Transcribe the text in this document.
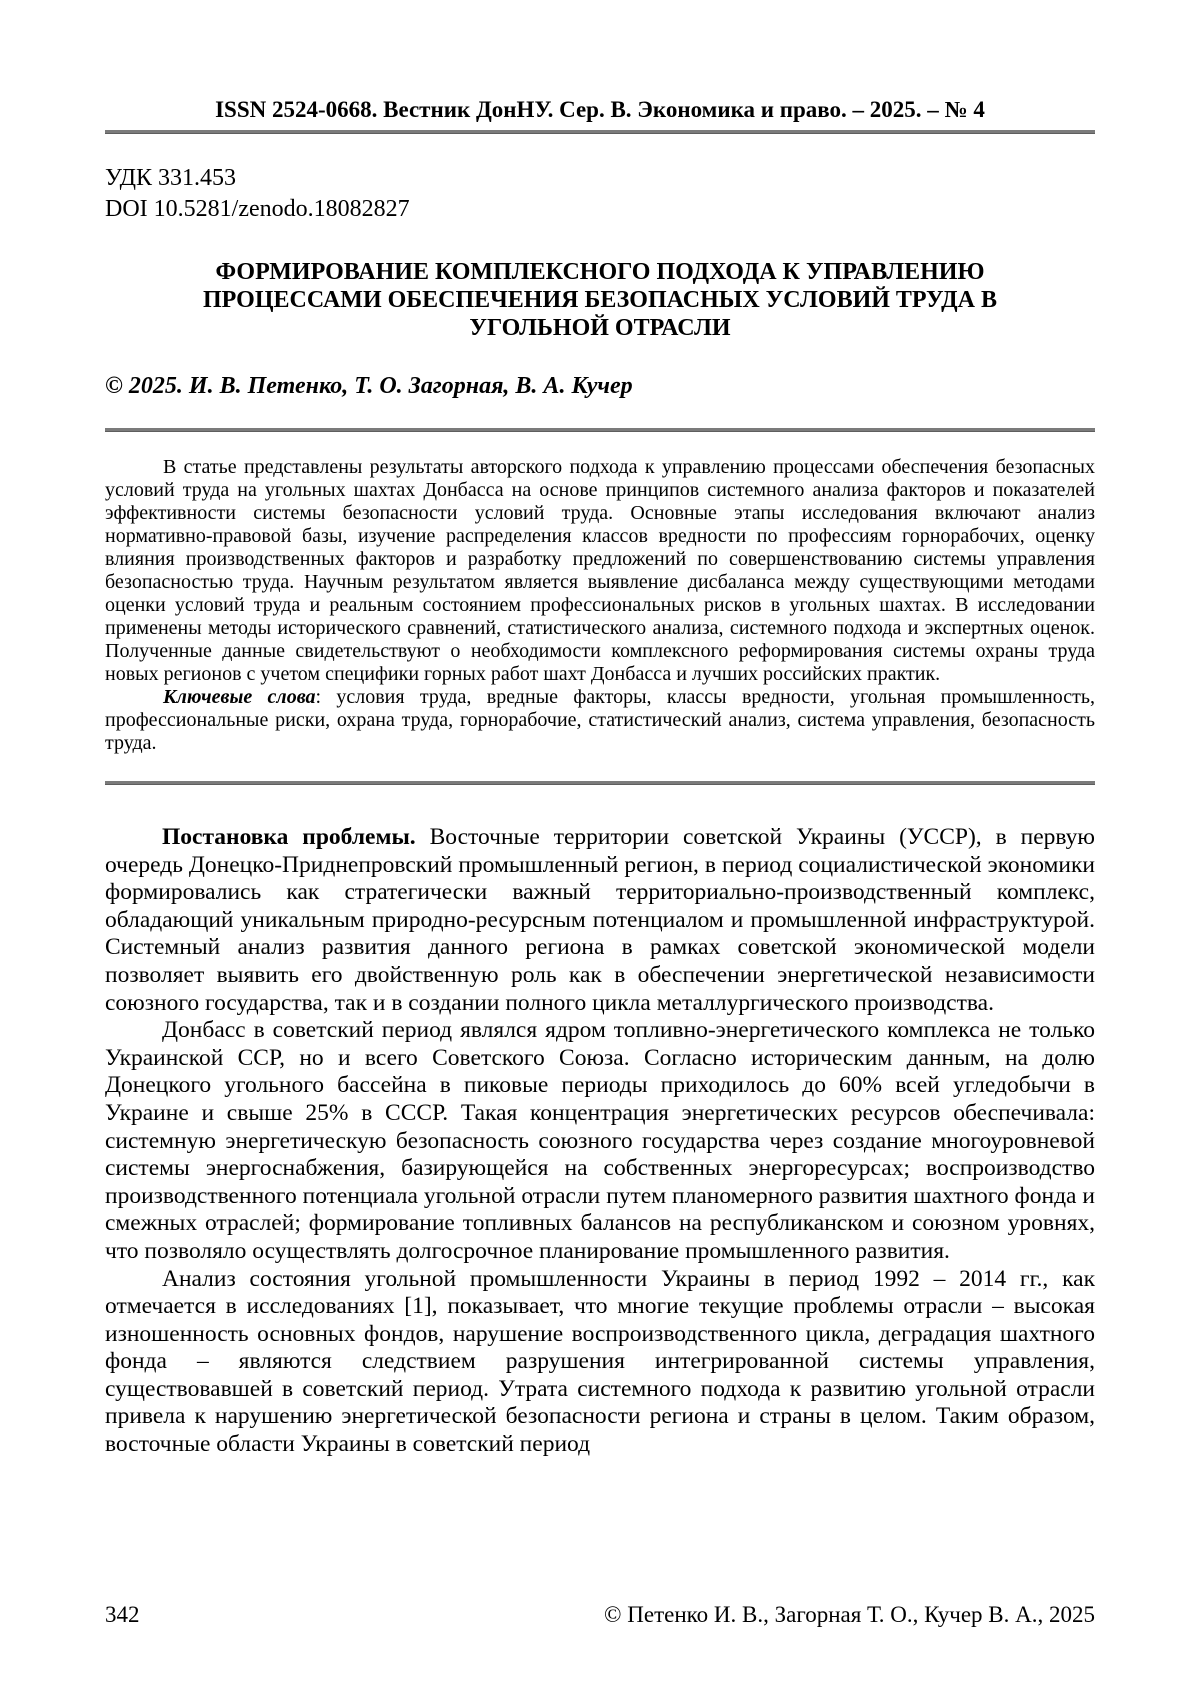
ISSN 2524-0668. Вестник ДонНУ. Сер. В. Экономика и право. – 2025. – № 4
УДК 331.453
DOI 10.5281/zenodo.18082827
ФОРМИРОВАНИЕ КОМПЛЕКСНОГО ПОДХОДА К УПРАВЛЕНИЮ
ПРОЦЕССАМИ ОБЕСПЕЧЕНИЯ БЕЗОПАСНЫХ УСЛОВИЙ ТРУДА В
УГОЛЬНОЙ ОТРАСЛИ
© 2025. И. В. Петенко, Т. О. Загорная, В. А. Кучер

В статье представлены результаты авторского подхода к управлению процессами обеспечения безопасных условий труда на угольных шахтах Донбасса на основе принципов системного анализа факторов и показателей эффективности системы безопасности условий труда. Основные этапы исследования включают анализ нормативно-правовой базы, изучение распределения классов вредности по профессиям горнорабочих, оценку влияния производственных факторов и разработку предложений по совершенствованию системы управления безопасностью труда. Научным результатом является выявление дисбаланса между существующими методами оценки условий труда и реальным состоянием профессиональных рисков в угольных шахтах. В исследовании применены методы исторического сравнений, статистического анализа, системного подхода и экспертных оценок. Полученные данные свидетельствуют о необходимости комплексного реформирования системы охраны труда новых регионов с учетом специфики горных работ шахт Донбасса и лучших российских практик.

Ключевые слова: условия труда, вредные факторы, классы вредности, угольная промышленность, профессиональные риски, охрана труда, горнорабочие, статистический анализ, система управления, безопасность труда.

Постановка проблемы. Восточные территории советской Украины (УССР), в первую очередь Донецко-Приднепровский промышленный регион, в период социалистической экономики формировались как стратегически важный территориально-производственный комплекс, обладающий уникальным природно-ресурсным потенциалом и промышленной инфраструктурой. Системный анализ развития данного региона в рамках советской экономической модели позволяет выявить его двойственную роль как в обеспечении энергетической независимости союзного государства, так и в создании полного цикла металлургического производства.

Донбасс в советский период являлся ядром топливно-энергетического комплекса не только Украинской ССР, но и всего Советского Союза. Согласно историческим данным, на долю Донецкого угольного бассейна в пиковые периоды приходилось до 60% всей угледобычи в Украине и свыше 25% в СССР. Такая концентрация энергетических ресурсов обеспечивала: системную энергетическую безопасность союзного государства через создание многоуровневой системы энергоснабжения, базирующейся на собственных энергоресурсах; воспроизводство производственного потенциала угольной отрасли путем планомерного развития шахтного фонда и смежных отраслей; формирование топливных балансов на республиканском и союзном уровнях, что позволяло осуществлять долгосрочное планирование промышленного развития.

Анализ состояния угольной промышленности Украины в период 1992 – 2014 гг., как отмечается в исследованиях [1], показывает, что многие текущие проблемы отрасли – высокая изношенность основных фондов, нарушение воспроизводственного цикла, деградация шахтного фонда – являются следствием разрушения интегрированной системы управления, существовавшей в советский период. Утрата системного подхода к развитию угольной отрасли привела к нарушению энергетической безопасности региона и страны в целом. Таким образом, восточные области Украины в советский период

342	© Петенко И. В., Загорная Т. О., Кучер В. А., 2025
